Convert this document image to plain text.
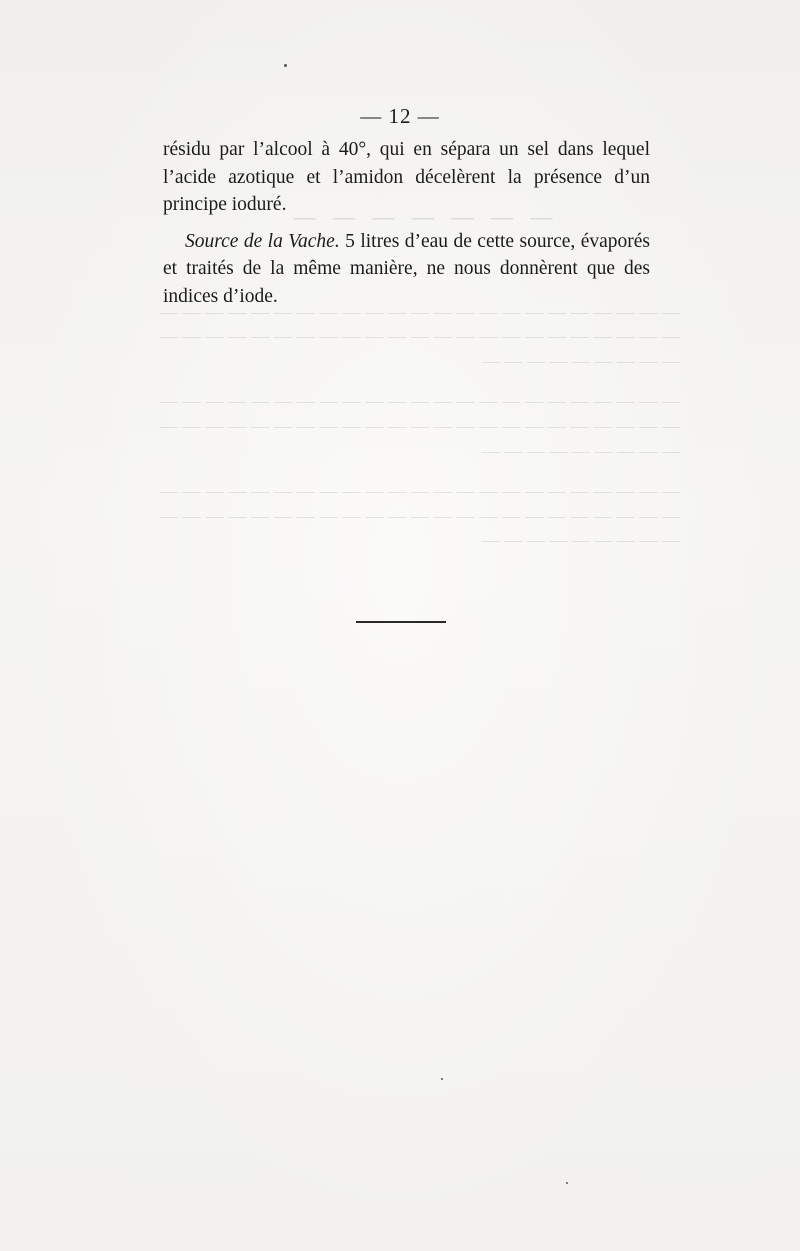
— — — — — — —

— — — — — — — — — — — — — — — — — — — — — — — — — — — — — — — — — — — — — — — — — — — — — — — — — — — — — — —

— — — — — — — — — — — — — — — — — — — — — — — — — — — — — — — — — — — — — — — — — — — — — — — — — — — — — — —

— — — — — — — — — — — — — — — — — — — — — — — — — — — — — — — — — — — — — — — — — — — — — — — — — — — — — — —

— 12 —

résidu par l’alcool à 40°, qui en sépara un sel dans lequel l’acide azotique et l’amidon décelèrent la présence d’un principe ioduré.

Source de la Vache. 5 litres d’eau de cette source, évaporés et traités de la même manière, ne nous donnèrent que des indices d’iode.
